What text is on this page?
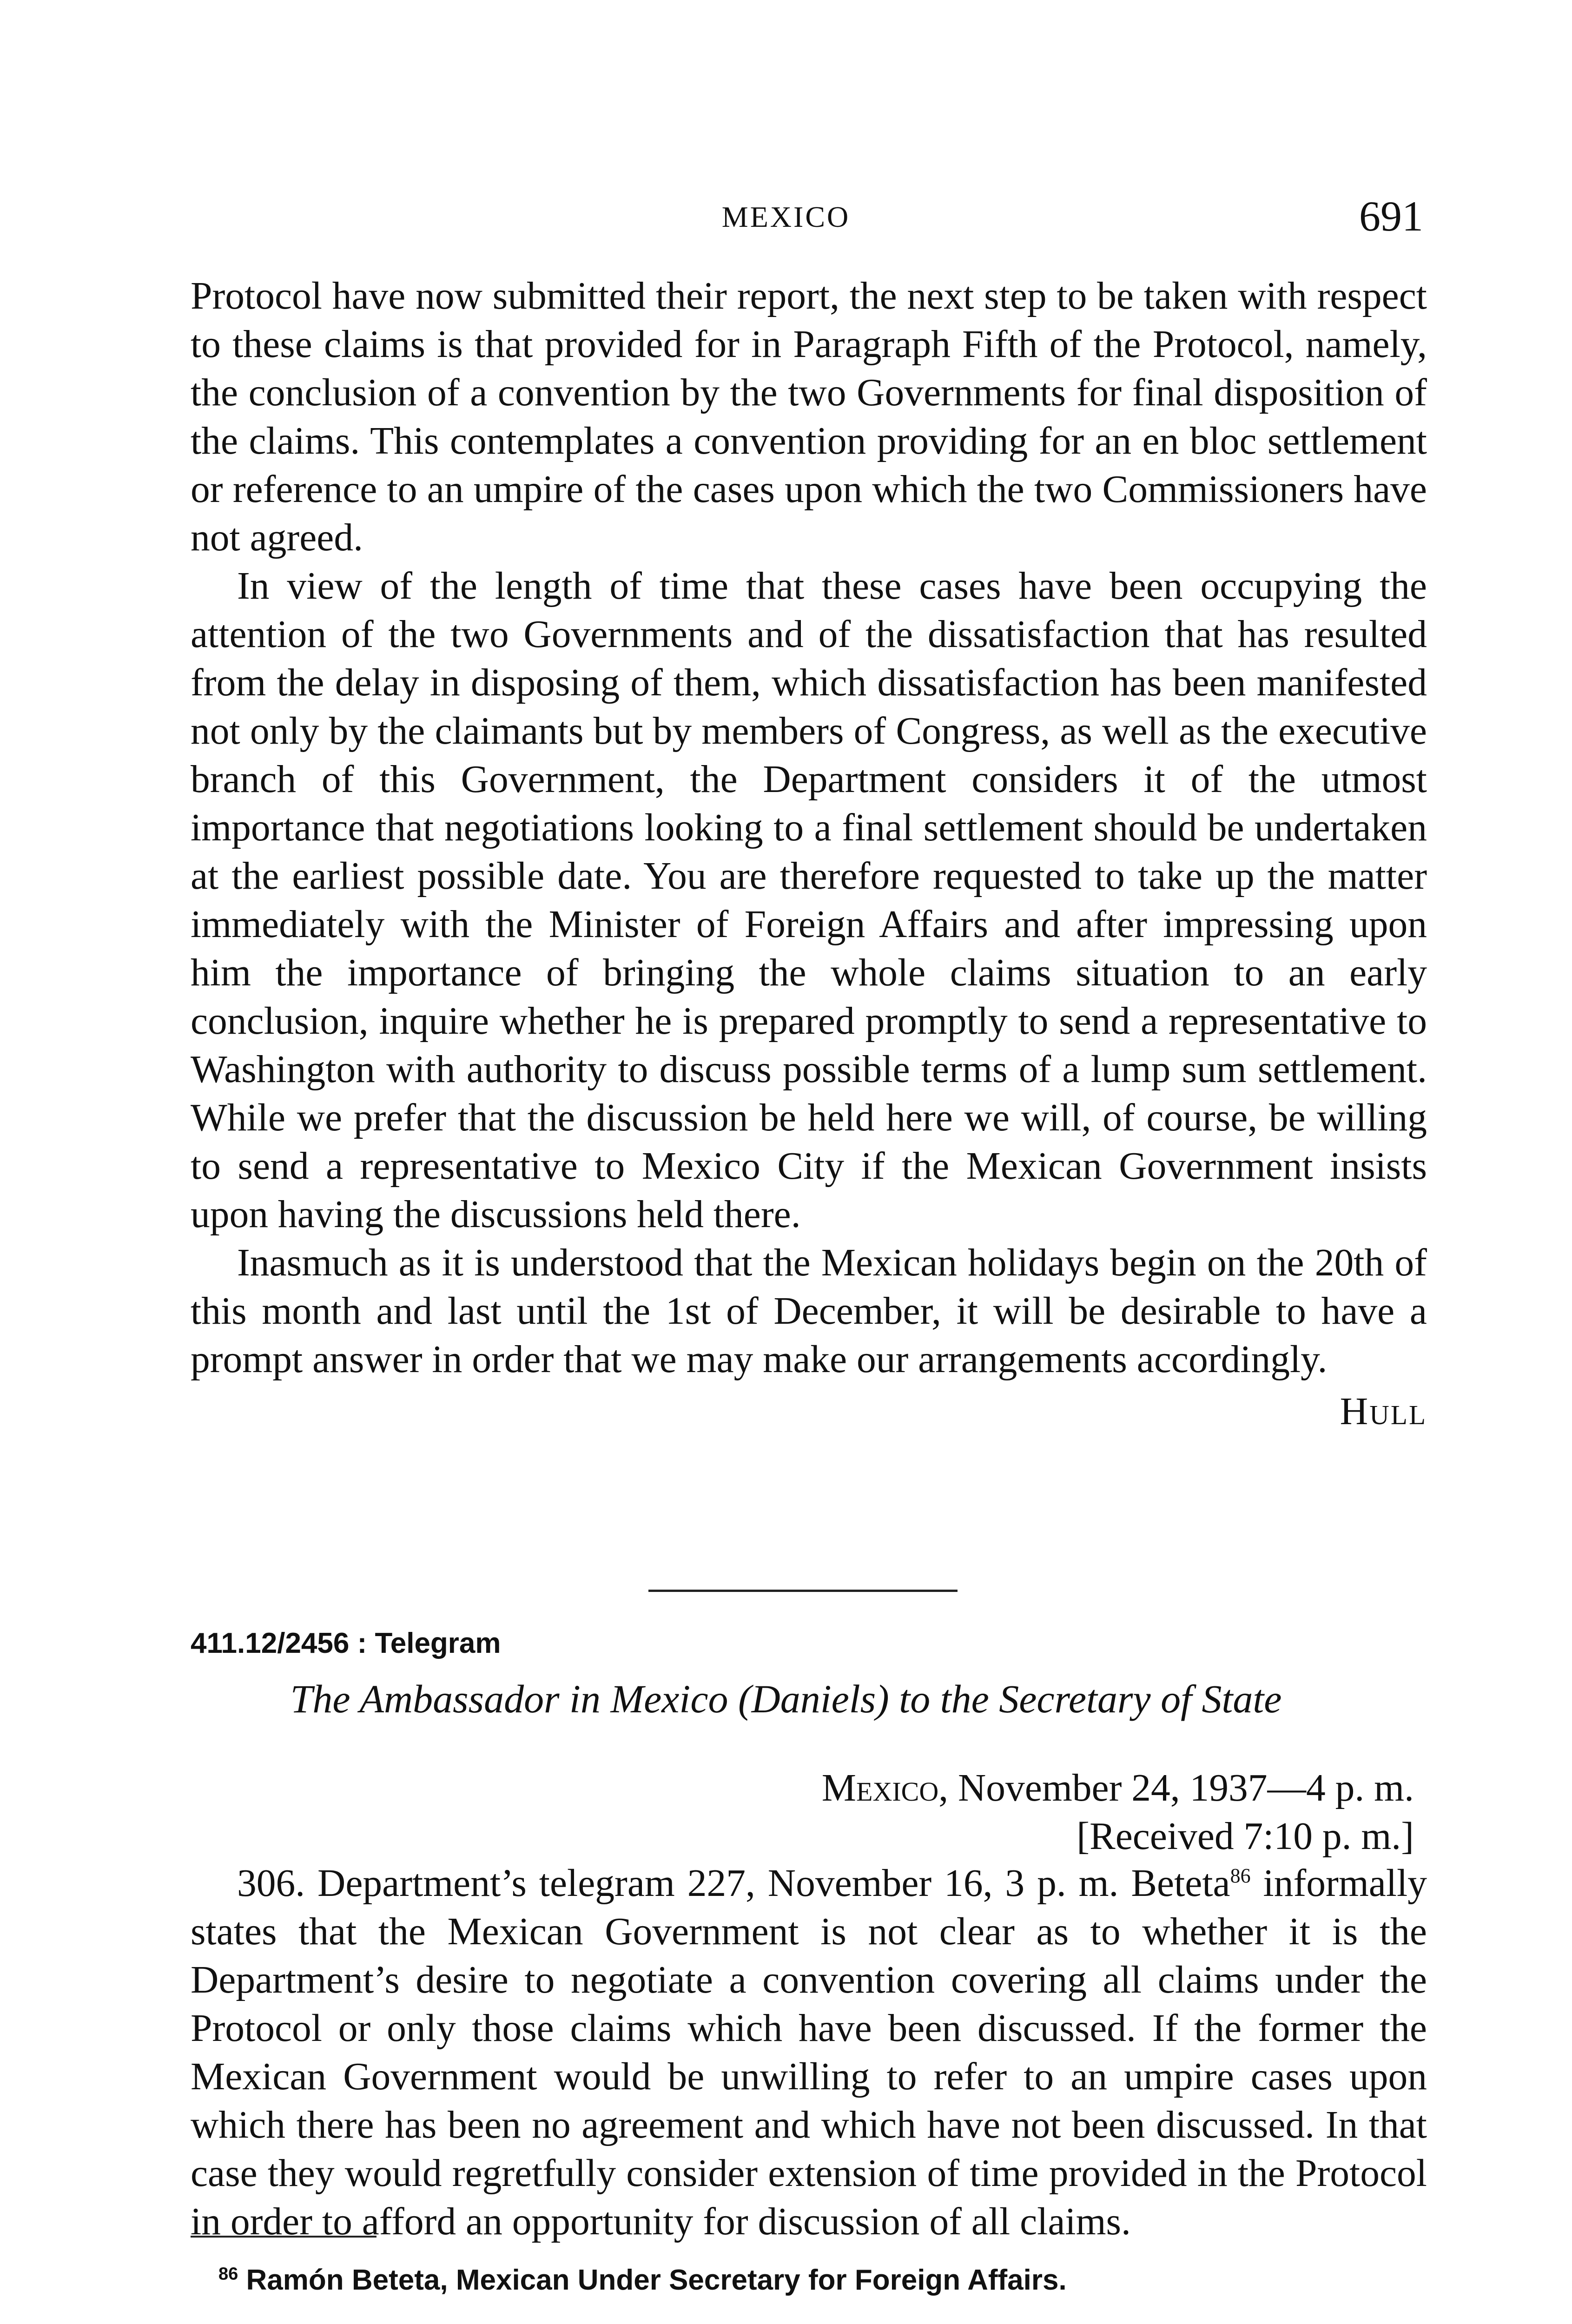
MEXICO	691

Protocol have now submitted their report, the next step to be taken with respect to these claims is that provided for in Paragraph Fifth of the Protocol, namely, the conclusion of a convention by the two Governments for final disposition of the claims. This contemplates a convention providing for an en bloc settlement or reference to an umpire of the cases upon which the two Commissioners have not agreed.

In view of the length of time that these cases have been occupying the attention of the two Governments and of the dissatisfaction that has resulted from the delay in disposing of them, which dissatisfaction has been manifested not only by the claimants but by members of Congress, as well as the executive branch of this Government, the Department considers it of the utmost importance that negotiations looking to a final settlement should be undertaken at the earliest possible date. You are therefore requested to take up the matter immediately with the Minister of Foreign Affairs and after impressing upon him the importance of bringing the whole claims situation to an early conclusion, inquire whether he is prepared promptly to send a representative to Washington with authority to discuss possible terms of a lump sum settlement. While we prefer that the discussion be held here we will, of course, be willing to send a representative to Mexico City if the Mexican Government insists upon having the discussions held there.

Inasmuch as it is understood that the Mexican holidays begin on the 20th of this month and last until the 1st of December, it will be desirable to have a prompt answer in order that we may make our arrangements accordingly.

Hull
411.12/2456 : Telegram
The Ambassador in Mexico (Daniels) to the Secretary of State
Mexico, November 24, 1937—4 p. m.
[Received 7:10 p. m.]

306. Department’s telegram 227, November 16, 3 p. m. Beteta$^{86}$ informally states that the Mexican Government is not clear as to whether it is the Department’s desire to negotiate a convention covering all claims under the Protocol or only those claims which have been discussed. If the former the Mexican Government would be unwilling to refer to an umpire cases upon which there has been no agreement and which have not been discussed. In that case they would regretfully consider extension of time provided in the Protocol in order to afford an opportunity for discussion of all claims.

$^{86}$ Ramón Beteta, Mexican Under Secretary for Foreign Affairs.
